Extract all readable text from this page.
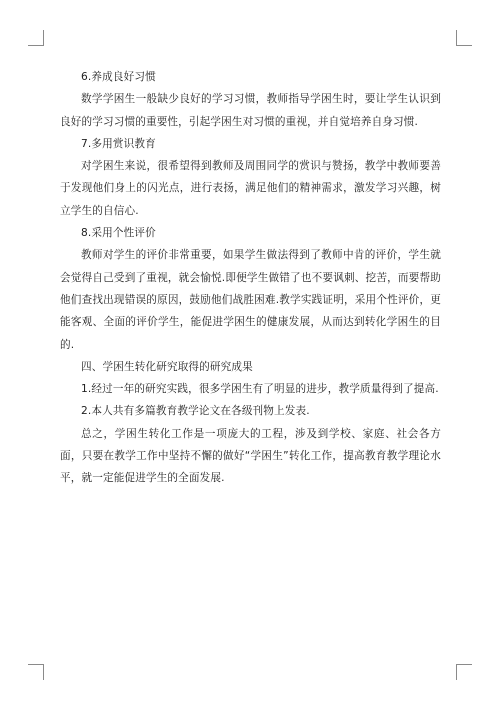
6.养成良好习惯

数学学困生一般缺少良好的学习习惯，教师指导学困生时，要让学生认识到良好的学习习惯的重要性，引起学困生对习惯的重视，并自觉培养自身习惯.

7.多用赏识教育

对学困生来说，很希望得到教师及周围同学的赏识与赞扬，教学中教师要善于发现他们身上的闪光点，进行表扬，满足他们的精神需求，激发学习兴趣，树立学生的自信心.

8.采用个性评价

教师对学生的评价非常重要，如果学生做法得到了教师中肯的评价，学生就会觉得自己受到了重视，就会愉悦.即便学生做错了也不要讽刺、挖苦，而要帮助他们查找出现错误的原因，鼓励他们战胜困难.教学实践证明，采用个性评价，更能客观、全面的评价学生，能促进学困生的健康发展，从而达到转化学困生的目的.

四、学困生转化研究取得的研究成果

1.经过一年的研究实践，很多学困生有了明显的进步，教学质量得到了提高.

2.本人共有多篇教育教学论文在各级刊物上发表.

总之，学困生转化工作是一项庞大的工程，涉及到学校、家庭、社会各方面，只要在教学工作中坚持不懈的做好“学困生”转化工作，提高教育教学理论水平，就一定能促进学生的全面发展.
